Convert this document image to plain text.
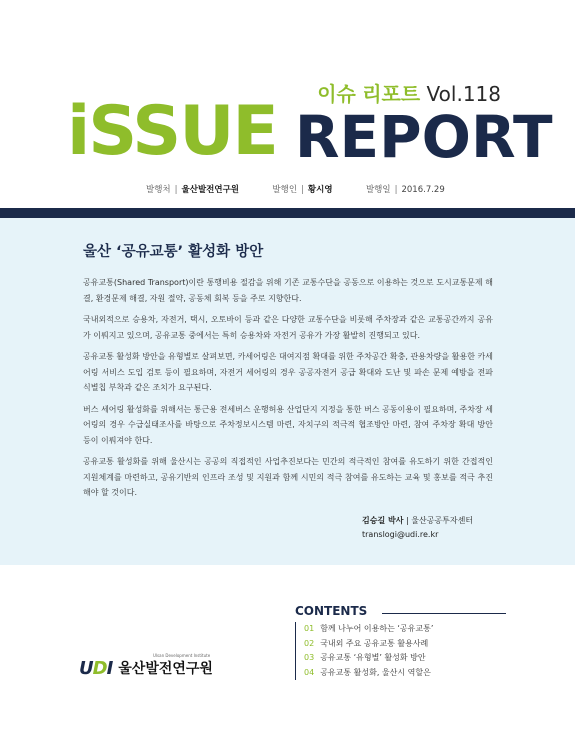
이슈 리포트 Vol.118
iSSUE REPORT
발행처 | 울산발전연구원	발행인 | 황시영	발행일 | 2016.7.29
울산 ‘공유교통’ 활성화 방안

공유교통(Shared Transport)이란 통행비용 절감을 위해 기존 교통수단을 공동으로 이용하는 것으로 도시교통문제 해결, 환경문제 해결, 자원 절약, 공동체 회복 등을 주로 지향한다.

국내외적으로 승용차, 자전거, 택시, 오토바이 등과 같은 다양한 교통수단을 비롯해 주차장과 같은 교통공간까지 공유가 이뤄지고 있으며, 공유교통 중에서는 특히 승용차와 자전거 공유가 가장 활발히 진행되고 있다.

공유교통 활성화 방안을 유형별로 살펴보면, 카세어링은 대여지점 확대를 위한 주차공간 확충, 관용차량을 활용한 카세어링 서비스 도입 검토 등이 필요하며, 자전거 세어링의 경우 공공자전거 공급 확대와 도난 및 파손 문제 예방을 전파 식별칩 부착과 같은 조치가 요구된다.

버스 세어링 활성화를 위해서는 통근용 전세버스 운행허용 산업단지 지정을 통한 버스 공동이용이 필요하며, 주차장 세어링의 경우 수급실태조사를 바탕으로 주차정보시스템 마련, 자치구의 적극적 협조방안 마련, 참여 주차장 확대 방안 등이 이뤄져야 한다.

공유교통 활성화를 위해 울산시는 공공의 직접적인 사업추진보다는 민간의 적극적인 참여를 유도하기 위한 간접적인 지원체계를 마련하고, 공유기반의 인프라 조성 및 지원과 함께 시민의 적극 참여를 유도하는 교육 및 홍보를 적극 추진해야 할 것이다.

김승길 박사 | 울산공공투자센터
translogi@udi.re.kr
CONTENTS
01 함께 나누어 이용하는 ‘공유교통’
02 국내외 주요 공유교통 활용사례
03 공유교통 ‘유형별’ 활성화 방안
04 공유교통 활성화, 울산시 역할은
UDI 울산발전연구원
Ulsan Development Institute
